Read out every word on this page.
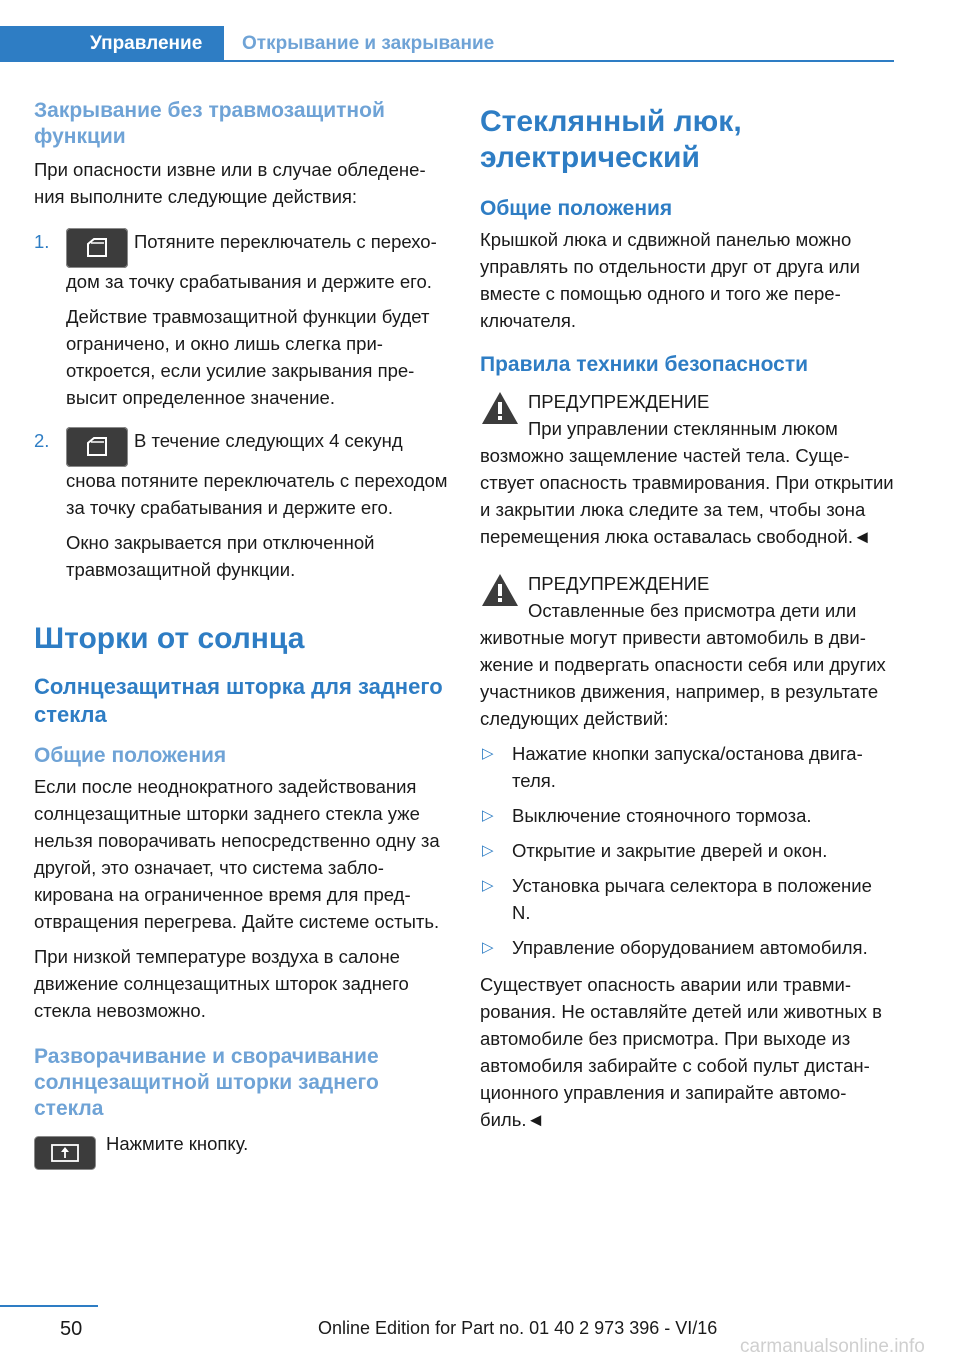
Управление	Открывание и закрывание
Закрывание без травмозащитной функции

При опасности извне или в случае обледенения выполните следующие действия:

1.	Потяните переключатель с переходом за точку срабатывания и держите его.

Действие травмозащитной функции будет ограничено, и окно лишь слегка приоткроется, если усилие закрывания превысит определенное значение.

2.	В течение следующих 4 секунд снова потяните переключатель с переходом за точку срабатывания и держите его.

Окно закрывается при отключенной травмозащитной функции.

Шторки от солнца
Солнцезащитная шторка для заднего стекла
Общие положения

Если после неоднократного задействования солнцезащитные шторки заднего стекла уже нельзя поворачивать непосредственно одну за другой, это означает, что система заблокирована на ограниченное время для предотвращения перегрева. Дайте системе остыть.

При низкой температуре воздуха в салоне движение солнцезащитных шторок заднего стекла невозможно.

Разворачивание и сворачивание солнцезащитной шторки заднего стекла

Нажмите кнопку.

Стеклянный люк, электрический
Общие положения

Крышкой люка и сдвижной панелью можно управлять по отдельности друг от друга или вместе с помощью одного и того же переключателя.

Правила техники безопасности

ПРЕДУПРЕЖДЕНИЕ

При управлении стеклянным люком возможно защемление частей тела. Существует опасность травмирования. При открытии и закрытии люка следите за тем, чтобы зона перемещения люка оставалась свободной.◄

ПРЕДУПРЕЖДЕНИЕ

Оставленные без присмотра дети или животные могут привести автомобиль в движение и подвергать опасности себя или других участников движения, например, в результате следующих действий:

▷ Нажатие кнопки запуска/останова двигателя.

▷ Выключение стояночного тормоза.

▷ Открытие и закрытие дверей и окон.

▷ Установка рычага селектора в положение N.

▷ Управление оборудованием автомобиля.

Существует опасность аварии или травмирования. Не оставляйте детей или животных в автомобиле без присмотра. При выходе из автомобиля забирайте с собой пульт дистанционного управления и запирайте автомобиль.◄

50	Online Edition for Part no. 01 40 2 973 396 - VI/16
carmanualsonline.info
